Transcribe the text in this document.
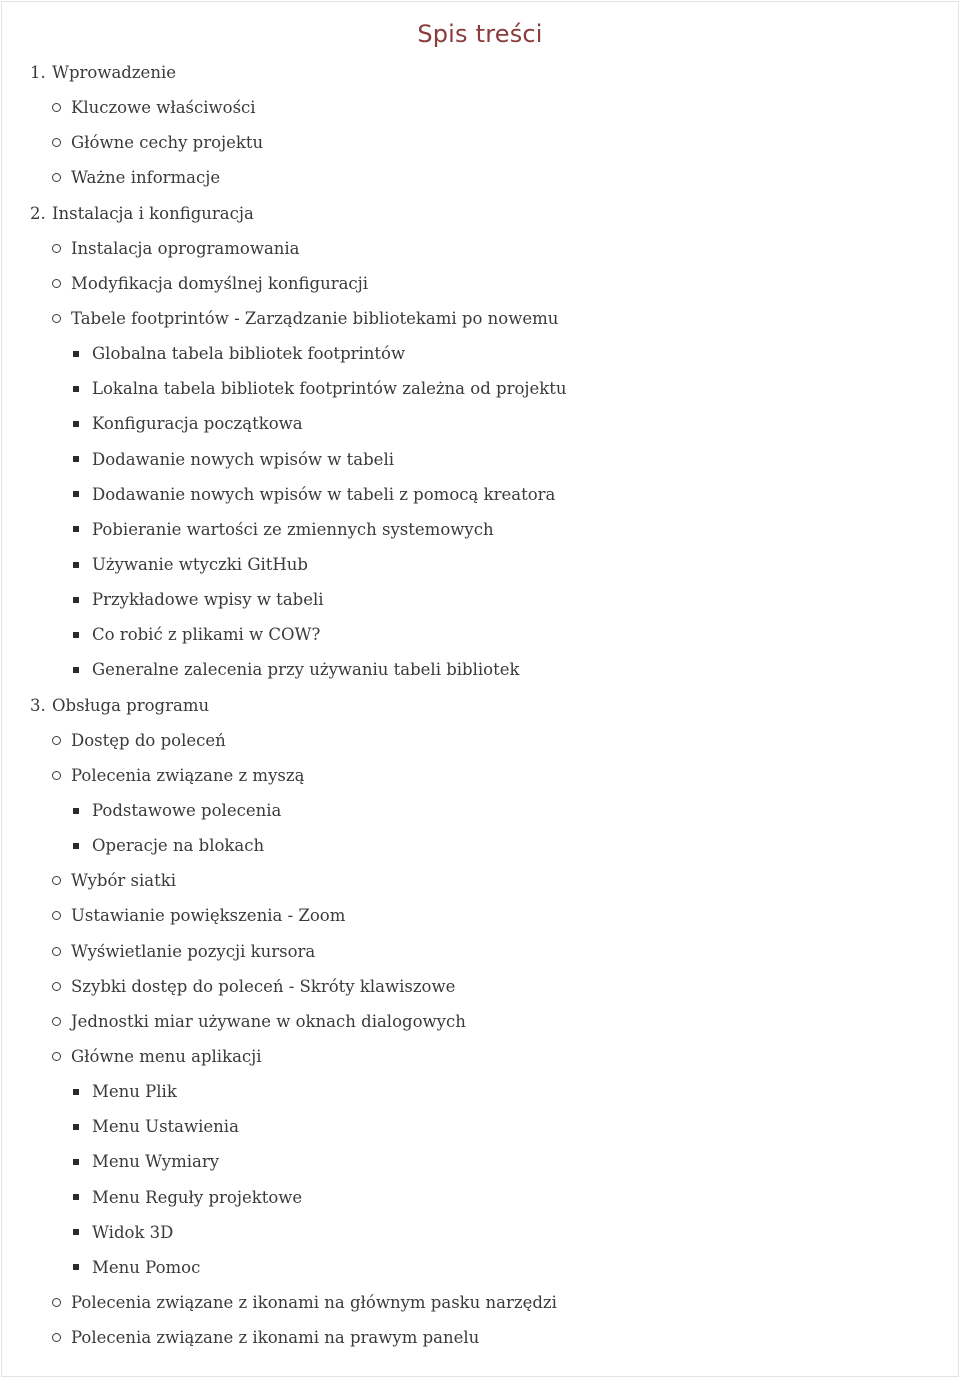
Spis treści
1. Wprowadzenie
Kluczowe właściwości
Główne cechy projektu
Ważne informacje
2. Instalacja i konfiguracja
Instalacja oprogramowania
Modyfikacja domyślnej konfiguracji
Tabele footprintów - Zarządzanie bibliotekami po nowemu
Globalna tabela bibliotek footprintów
Lokalna tabela bibliotek footprintów zależna od projektu
Konfiguracja początkowa
Dodawanie nowych wpisów w tabeli
Dodawanie nowych wpisów w tabeli z pomocą kreatora
Pobieranie wartości ze zmiennych systemowych
Używanie wtyczki GitHub
Przykładowe wpisy w tabeli
Co robić z plikami w COW?
Generalne zalecenia przy używaniu tabeli bibliotek
3. Obsługa programu
Dostęp do poleceń
Polecenia związane z myszą
Podstawowe polecenia
Operacje na blokach
Wybór siatki
Ustawianie powiększenia - Zoom
Wyświetlanie pozycji kursora
Szybki dostęp do poleceń - Skróty klawiszowe
Jednostki miar używane w oknach dialogowych
Główne menu aplikacji
Menu Plik
Menu Ustawienia
Menu Wymiary
Menu Reguły projektowe
Widok 3D
Menu Pomoc
Polecenia związane z ikonami na głównym pasku narzędzi
Polecenia związane z ikonami na prawym panelu
